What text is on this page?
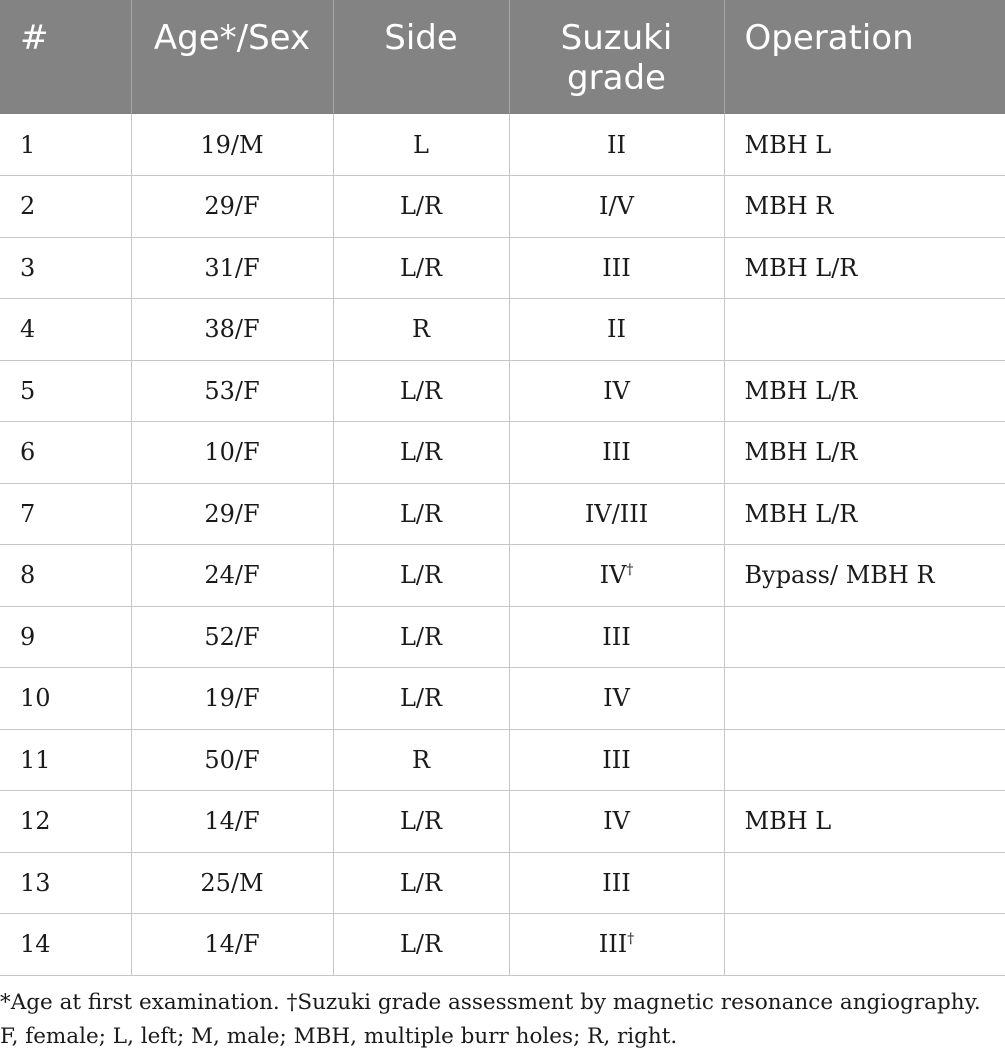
#	Age*/Sex	Side	Suzuki grade	Operation
1	19/M	L	II	MBH L
2	29/F	L/R	I/V	MBH R
3	31/F	L/R	III	MBH L/R
4	38/F	R	II	
5	53/F	L/R	IV	MBH L/R
6	10/F	L/R	III	MBH L/R
7	29/F	L/R	IV/III	MBH L/R
8	24/F	L/R	IV†	Bypass/ MBH R
9	52/F	L/R	III	
10	19/F	L/R	IV	
11	50/F	R	III	
12	14/F	L/R	IV	MBH L
13	25/M	L/R	III	
14	14/F	L/R	III†	

*Age at first examination. †Suzuki grade assessment by magnetic resonance angiography. F, female; L, left; M, male; MBH, multiple burr holes; R, right.
